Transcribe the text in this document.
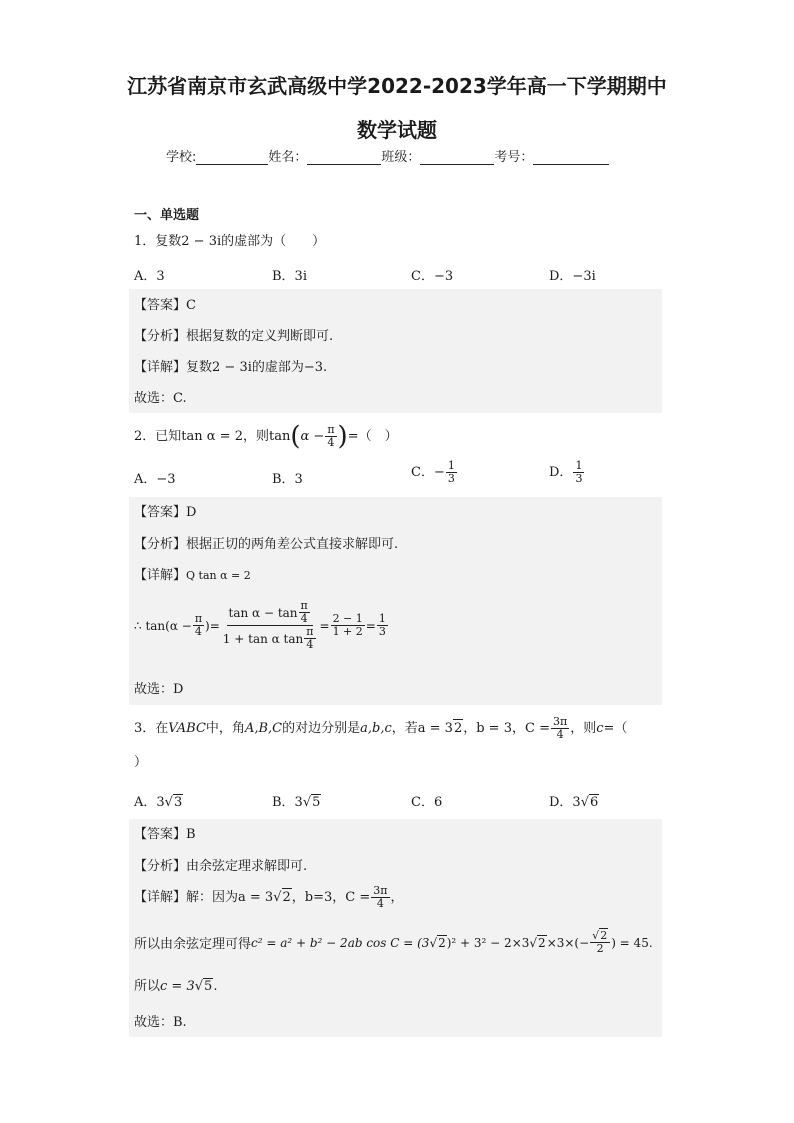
江苏省南京市玄武高级中学2022-2023学年高一下学期期中
数学试题
学校:	姓名：	班级：	考号：
一、单选题
1．复数2 − 3i的虚部为（　　）
A．3	B．3i	C．−3	D．−3i
【答案】C
【分析】根据复数的定义判断即可.
【详解】复数2 − 3i的虚部为−3.
故选：C.
2．已知tan α = 2，则$\tan(\alpha - \frac{\pi}{4}$ )=（　）
A．−3	B．3	C．− $\frac{1}{3}$	D． $\frac{1}{3}$
【答案】D
【分析】根据正切的两角差公式直接求解即可.
【详解】Q tan α = 2
∴ $\tan(\alpha - \frac{\pi}{4}$ )= $\frac{\tan \alpha - \tan \frac{\pi}{4}}{1 + \tan \alpha \tan \frac{\pi}{4}} = \frac{2 - 1}{1 + 2} = \frac{1}{3}$
故选：D
3．在 VABC 中，角 A,B,C 的对边分别是 a,b,c ，若 a = 3 2 ，b = 3， $C = \frac{3\pi}{4}$ ，则 c =（
）
A．3√3	B．3√5	C．6	D．3√6
【答案】B
【分析】由余弦定理求解即可.
【详解】解：因为 a = 3 √ 2 ，b=3， $C = \frac{3\pi}{4}$ ，
所以由余弦定理可得 c² = a² + b² − 2ab cos C = (3 √ 2 )² + 3² − 2×3 √ $2 \times 3\times(- \frac{√2}{2}$ ) = 45 .
所以c = 3√5.
故选：B.
